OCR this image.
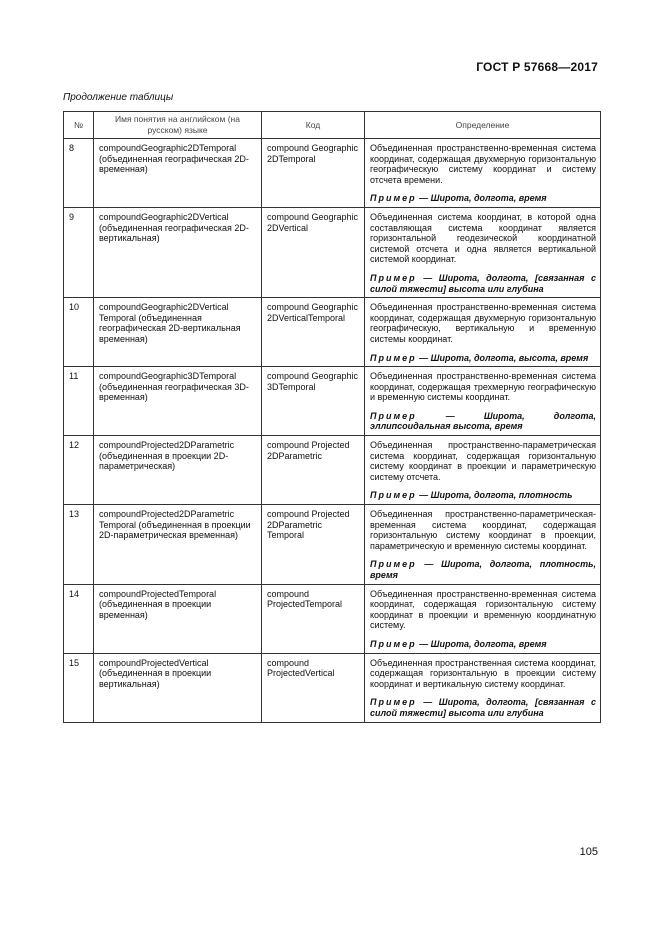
ГОСТ Р 57668—2017
Продолжение таблицы
№	Имя понятия на английском (на русском) языке	Код	Определение
8	compoundGeographic2DTemporal (объединенная географическая 2D-временная)	compound Geographic 2DTemporal	Объединенная пространственно-временная система координат, содержащая двухмерную горизонтальную географическую систему координат и систему отсчета времени.
Пример — Широта, долгота, время

9	compoundGeographic2DVertical (объединенная географическая 2D-вертикальная)	compound Geographic 2DVertical	Объединенная система координат, в которой одна составляющая система координат является горизонтальной геодезической координатной системой отсчета и одна является вертикальной системой координат.
Пример — Широта, долгота, [связанная с силой тяжести] высота или глубина

10	compoundGeographic2DVertical Temporal (объединенная географическая 2D-вертикальная временная)	compound Geographic 2DVerticalTemporal	Объединенная пространственно-временная система координат, содержащая двухмерную горизонтальную географическую, вертикальную и временную системы координат.
Пример — Широта, долгота, высота, время

11	compoundGeographic3DTemporal (объединенная географическая 3D-временная)	compound Geographic 3DTemporal	Объединенная пространственно-временная система координат, содержащая трехмерную географическую и временную системы координат.
Пример — Широта, долгота, эллипсоидальная высота, время

12	compoundProjected2DParametric (объединенная в проекции 2D-параметрическая)	compound Projected 2DParametric	Объединенная пространственно-параметрическая система координат, содержащая горизонтальную систему координат в проекции и параметрическую систему отсчета.
Пример — Широта, долгота, плотность

13	compoundProjected2DParametric Temporal (объединенная в проекции 2D-параметрическая временная)	compound Projected 2DParametric Temporal	Объединенная пространственно-параметрическая-временная система координат, содержащая горизонтальную систему координат в проекции, параметрическую и временную системы координат.
Пример — Широта, долгота, плотность, время

14	compoundProjectedTemporal (объединенная в проекции временная)	compound ProjectedTemporal	Объединенная пространственно-временная система координат, содержащая горизонтальную систему координат в проекции и временную координатную систему.
Пример — Широта, долгота, время

15	compoundProjectedVertical (объединенная в проекции вертикальная)	compound ProjectedVertical	Объединенная пространственная система координат, содержащая горизонтальную в проекции систему координат и вертикальную систему координат.
Пример — Широта, долгота, [связанная с силой тяжести] высота или глубина
105
